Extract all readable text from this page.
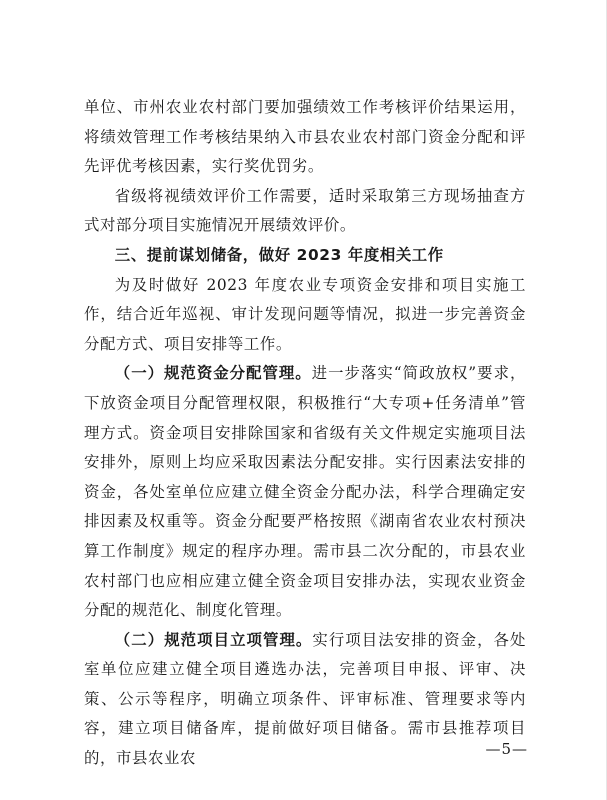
单位、市州农业农村部门要加强绩效工作考核评价结果运用，将绩效管理工作考核结果纳入市县农业农村部门资金分配和评先评优考核因素，实行奖优罚劣。

省级将视绩效评价工作需要，适时采取第三方现场抽查方式对部分项目实施情况开展绩效评价。

三、提前谋划储备，做好 2023 年度相关工作

为及时做好 2023 年度农业专项资金安排和项目实施工作，结合近年巡视、审计发现问题等情况，拟进一步完善资金分配方式、项目安排等工作。

（一）规范资金分配管理。进一步落实“简政放权”要求，下放资金项目分配管理权限，积极推行“大专项+任务清单”管理方式。资金项目安排除国家和省级有关文件规定实施项目法安排外，原则上均应采取因素法分配安排。实行因素法安排的资金，各处室单位应建立健全资金分配办法，科学合理确定安排因素及权重等。资金分配要严格按照《湖南省农业农村预决算工作制度》规定的程序办理。需市县二次分配的，市县农业农村部门也应相应建立健全资金项目安排办法，实现农业资金分配的规范化、制度化管理。

（二）规范项目立项管理。实行项目法安排的资金，各处室单位应建立健全项目遴选办法，完善项目申报、评审、决策、公示等程序，明确立项条件、评审标准、管理要求等内容，建立项目储备库，提前做好项目储备。需市县推荐项目的，市县农业农

—5—
